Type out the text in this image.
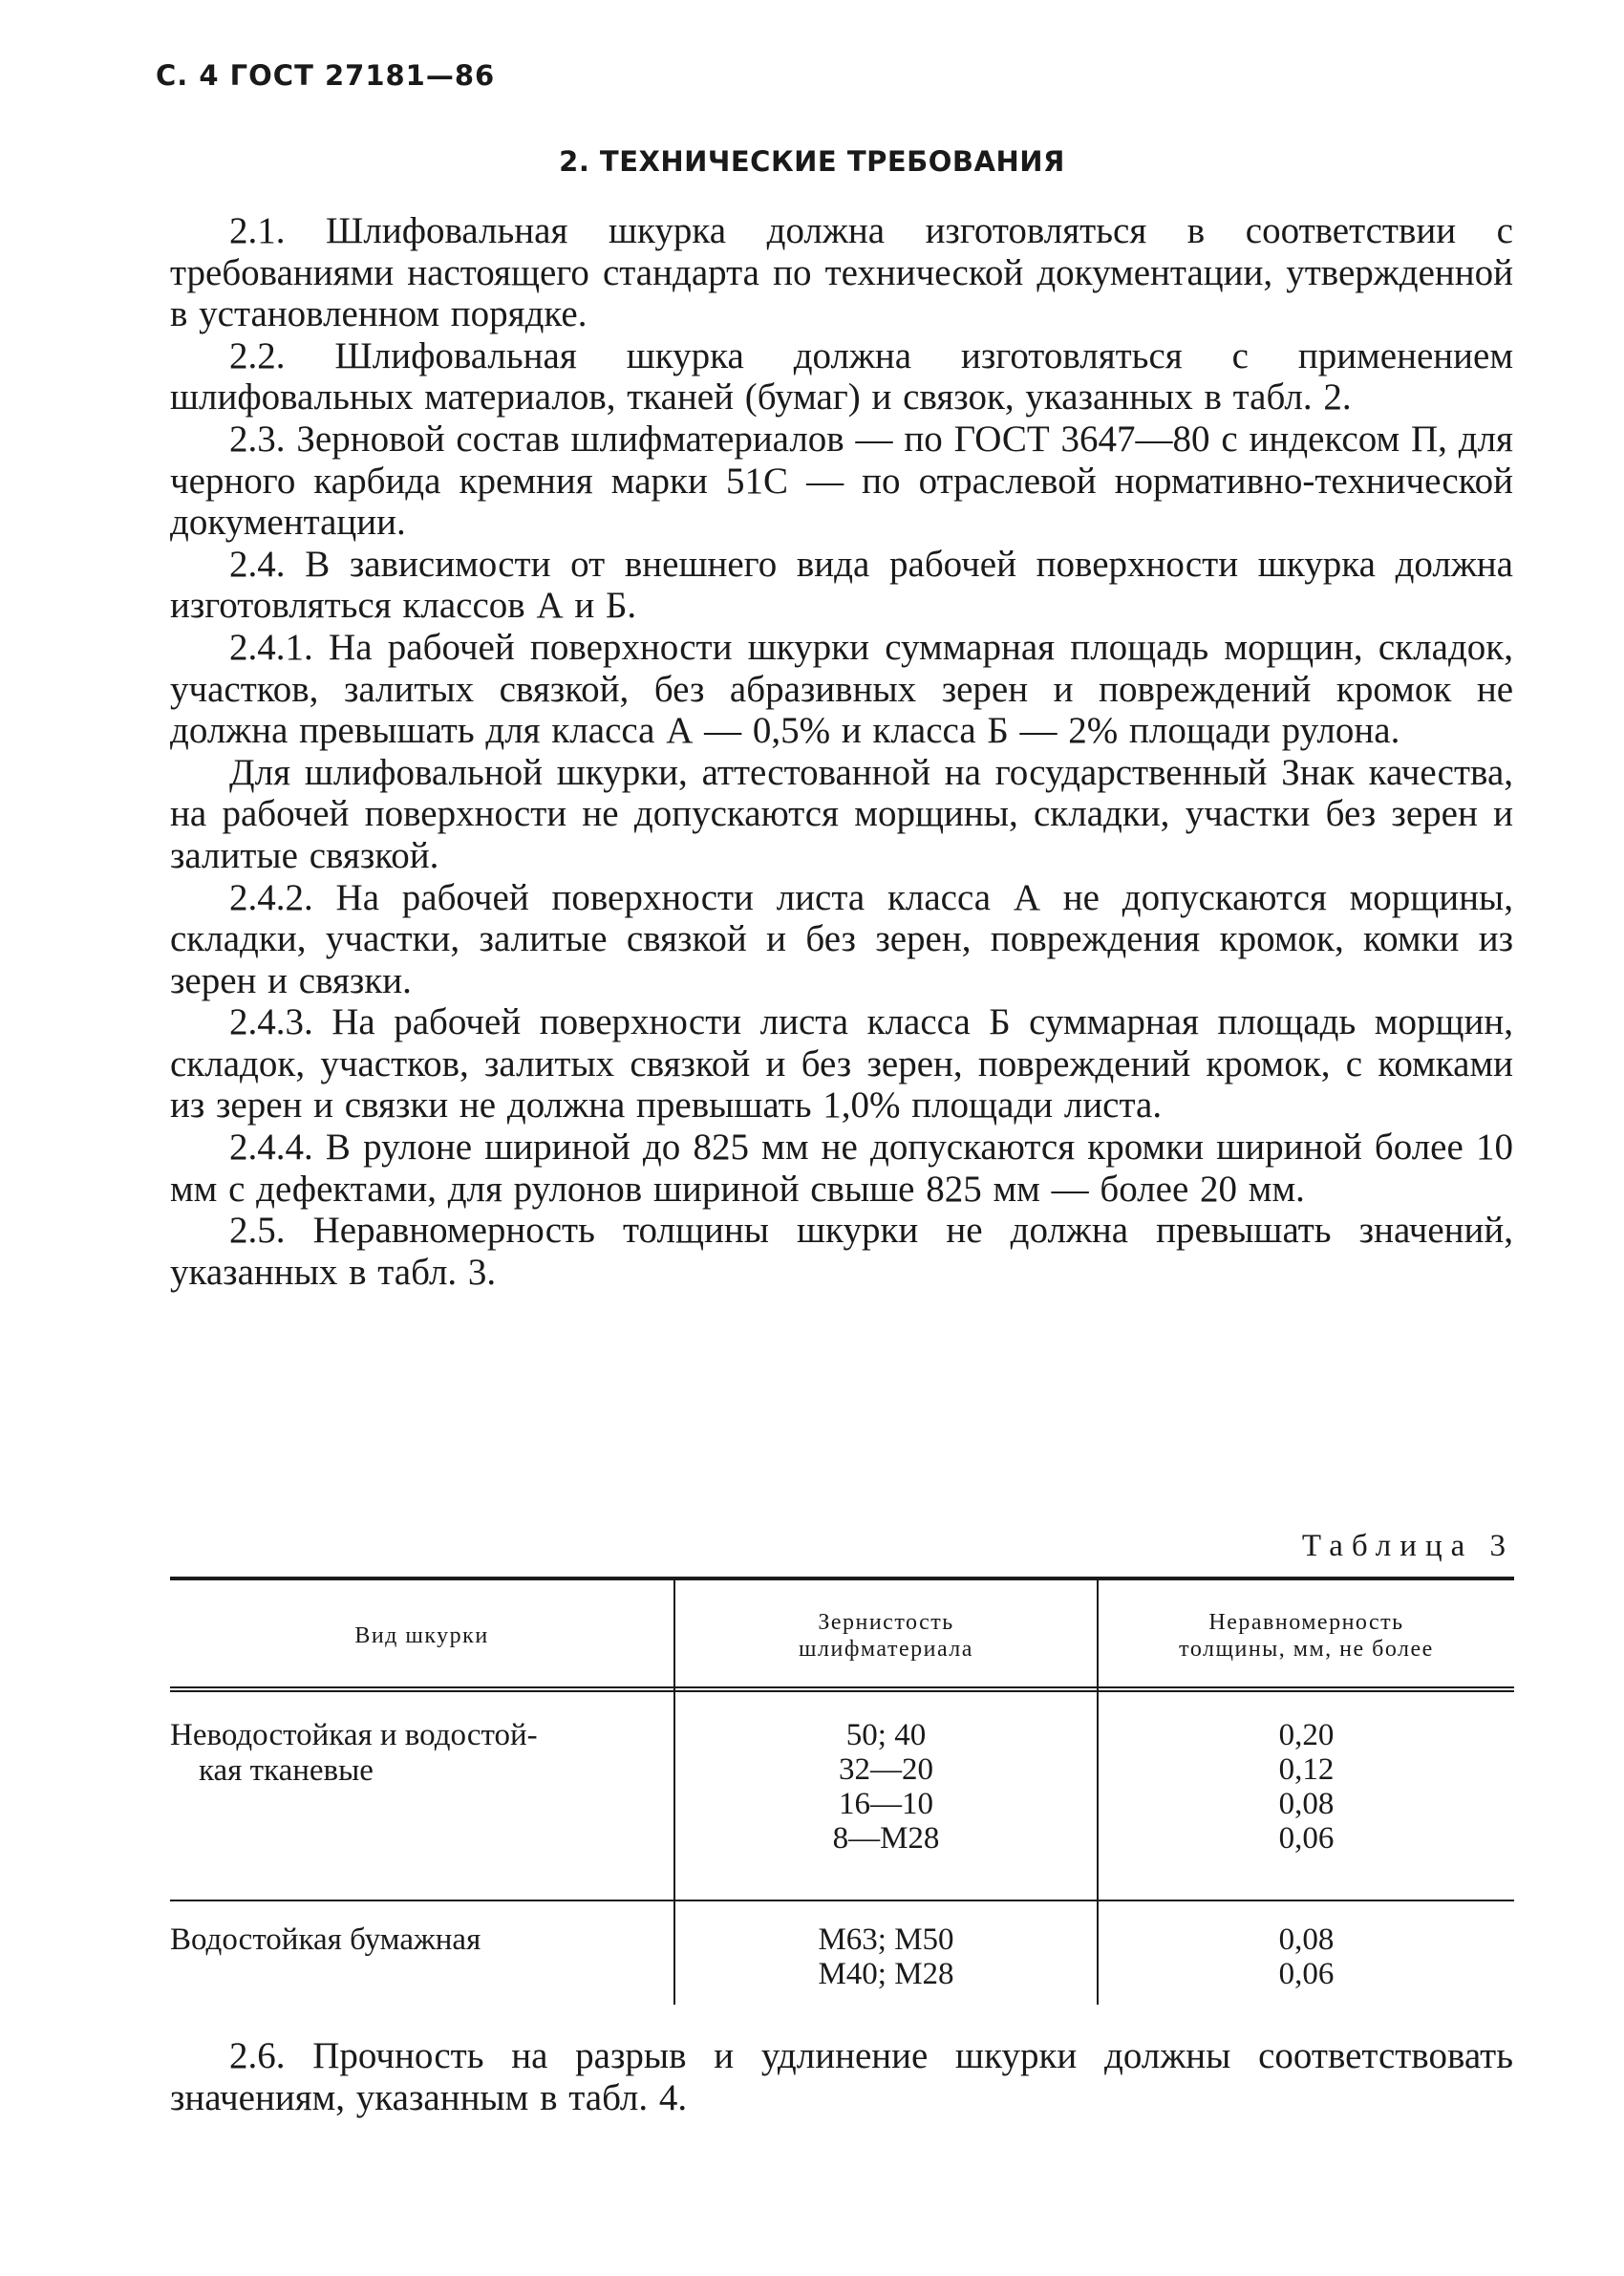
С. 4 ГОСТ 27181—86
2. ТЕХНИЧЕСКИЕ ТРЕБОВАНИЯ

2.1. Шлифовальная шкурка должна изготовляться в соответствии с требованиями настоящего стандарта по технической документации, утвержденной в установленном порядке.

2.2. Шлифовальная шкурка должна изготовляться с применением шлифовальных материалов, тканей (бумаг) и связок, указанных в табл. 2.

2.3. Зерновой состав шлифматериалов — по ГОСТ 3647—80 с индексом П, для черного карбида кремния марки 51С — по отраслевой нормативно-технической документации.

2.4. В зависимости от внешнего вида рабочей поверхности шкурка должна изготовляться классов А и Б.

2.4.1. На рабочей поверхности шкурки суммарная площадь морщин, складок, участков, залитых связкой, без абразивных зерен и повреждений кромок не должна превышать для класса А — 0,5% и класса Б — 2% площади рулона.

Для шлифовальной шкурки, аттестованной на государственный Знак качества, на рабочей поверхности не допускаются морщины, складки, участки без зерен и залитые связкой.

2.4.2. На рабочей поверхности листа класса А не допускаются морщины, складки, участки, залитые связкой и без зерен, повреждения кромок, комки из зерен и связки.

2.4.3. На рабочей поверхности листа класса Б суммарная площадь морщин, складок, участков, залитых связкой и без зерен, повреждений кромок, с комками из зерен и связки не должна превышать 1,0% площади листа.

2.4.4. В рулоне шириной до 825 мм не допускаются кромки шириной более 10 мм с дефектами, для рулонов шириной свыше 825 мм — более 20 мм.

2.5. Неравномерность толщины шкурки не должна превышать значений, указанных в табл. 3.

Таблица 3
Вид шкурки
Зернистость
шлифматериала
Неравномерность
толщины, мм, не более
Неводостойкая и водостой-
кая тканевые
50; 40
32—20
16—10
8—М28
0,20
0,12
0,08
0,06
Водостойкая бумажная	М63; М50
М40; М28
0,08
0,06

2.6. Прочность на разрыв и удлинение шкурки должны соответствовать значениям, указанным в табл. 4.
